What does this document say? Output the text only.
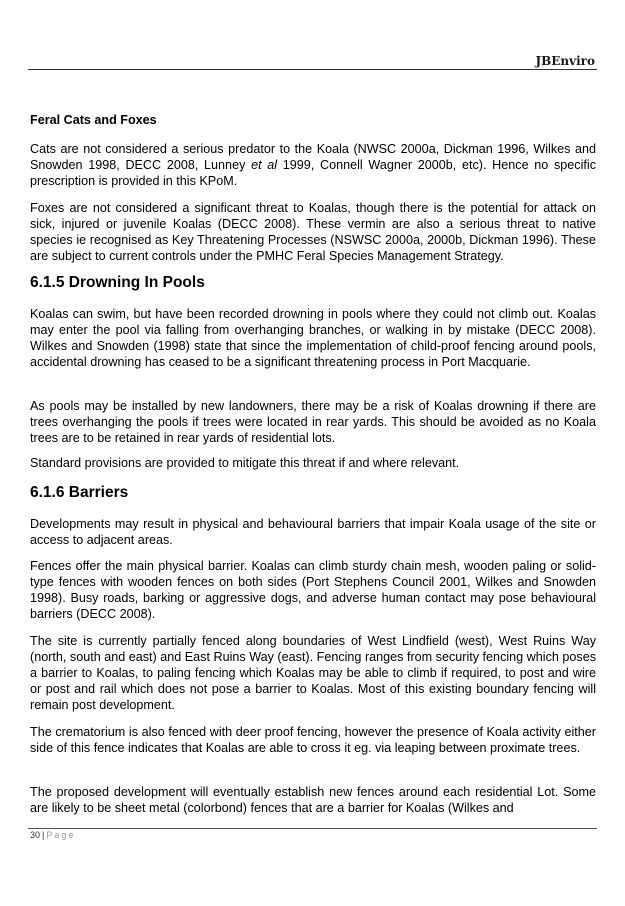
JBEnviro
Feral Cats and Foxes

Cats are not considered a serious predator to the Koala (NWSC 2000a, Dickman 1996, Wilkes and Snowden 1998, DECC 2008, Lunney et al 1999, Connell Wagner 2000b, etc). Hence no specific prescription is provided in this KPoM.

Foxes are not considered a significant threat to Koalas, though there is the potential for attack on sick, injured or juvenile Koalas (DECC 2008). These vermin are also a serious threat to native species ie recognised as Key Threatening Processes (NSWSC 2000a, 2000b, Dickman 1996). These are subject to current controls under the PMHC Feral Species Management Strategy.

6.1.5 Drowning In Pools

Koalas can swim, but have been recorded drowning in pools where they could not climb out. Koalas may enter the pool via falling from overhanging branches, or walking in by mistake (DECC 2008). Wilkes and Snowden (1998) state that since the implementation of child-proof fencing around pools, accidental drowning has ceased to be a significant threatening process in Port Macquarie.

As pools may be installed by new landowners, there may be a risk of Koalas drowning if there are trees overhanging the pools if trees were located in rear yards. This should be avoided as no Koala trees are to be retained in rear yards of residential lots.

Standard provisions are provided to mitigate this threat if and where relevant.

6.1.6 Barriers

Developments may result in physical and behavioural barriers that impair Koala usage of the site or access to adjacent areas.

Fences offer the main physical barrier. Koalas can climb sturdy chain mesh, wooden paling or solid-type fences with wooden fences on both sides (Port Stephens Council 2001, Wilkes and Snowden 1998). Busy roads, barking or aggressive dogs, and adverse human contact may pose behavioural barriers (DECC 2008).

The site is currently partially fenced along boundaries of West Lindfield (west), West Ruins Way (north, south and east) and East Ruins Way (east). Fencing ranges from security fencing which poses a barrier to Koalas, to paling fencing which Koalas may be able to climb if required, to post and wire or post and rail which does not pose a barrier to Koalas. Most of this existing boundary fencing will remain post development.

The crematorium is also fenced with deer proof fencing, however the presence of Koala activity either side of this fence indicates that Koalas are able to cross it eg. via leaping between proximate trees.

The proposed development will eventually establish new fences around each residential Lot. Some are likely to be sheet metal (colorbond) fences that are a barrier for Koalas (Wilkes and

30 | Page
